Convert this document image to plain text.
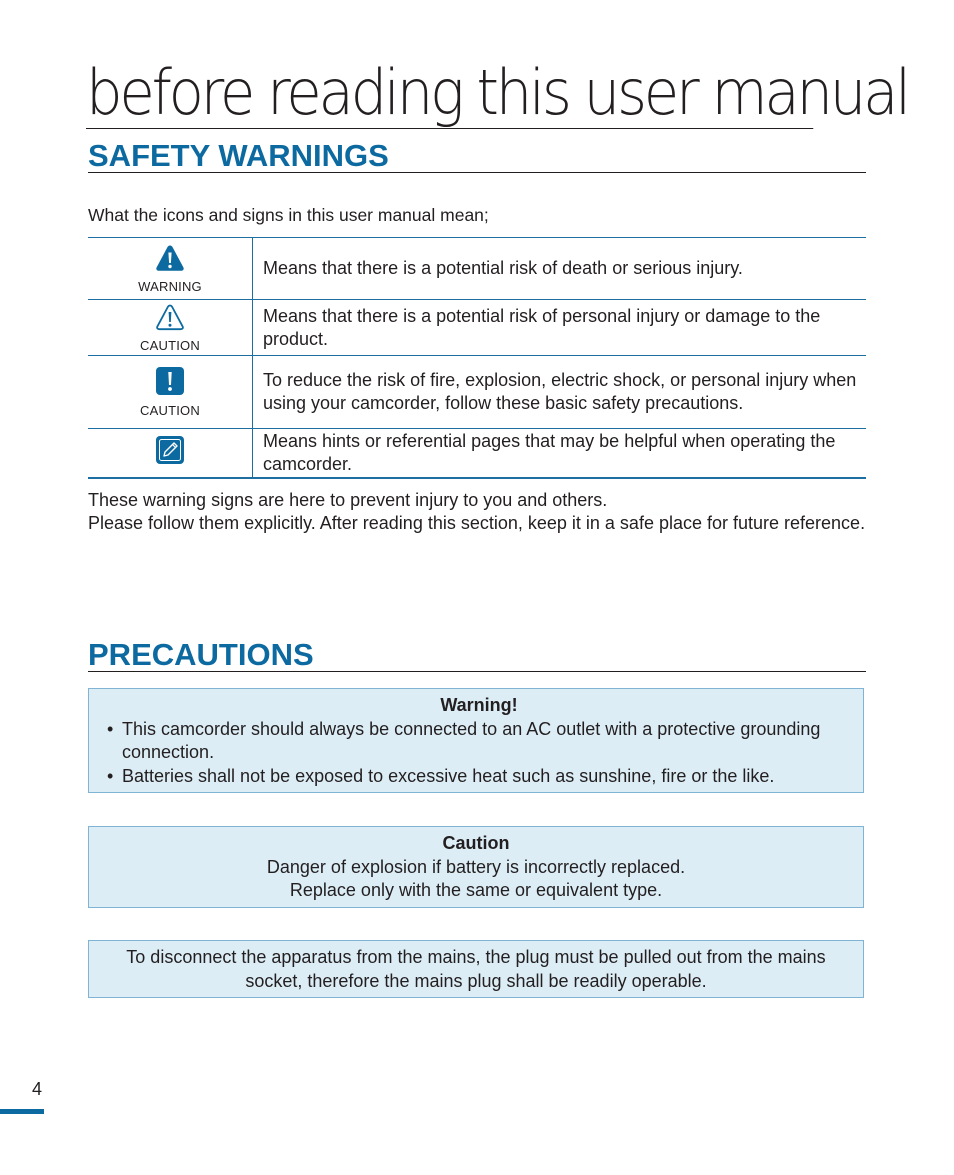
before reading this user manual
SAFETY WARNINGS

What the icons and signs in this user manual mean;

WARNING	Means that there is a potential risk of death or serious injury.

CAUTION	Means that there is a potential risk of personal injury or damage to the product.

CAUTION	To reduce the risk of fire, explosion, electric shock, or personal injury when using your camcorder, follow these basic safety precautions.

	Means hints or referential pages that may be helpful when operating the camcorder.

These warning signs are here to prevent injury to you and others.

Please follow them explicitly. After reading this section, keep it in a safe place for future reference.

PRECAUTIONS

Warning!

• This camcorder should always be connected to an AC outlet with a protective grounding connection.
• Batteries shall not be exposed to excessive heat such as sunshine, fire or the like.

Caution

Danger of explosion if battery is incorrectly replaced.
Replace only with the same or equivalent type.
To disconnect the apparatus from the mains, the plug must be pulled out from the mains socket, therefore the mains plug shall be readily operable.
4
